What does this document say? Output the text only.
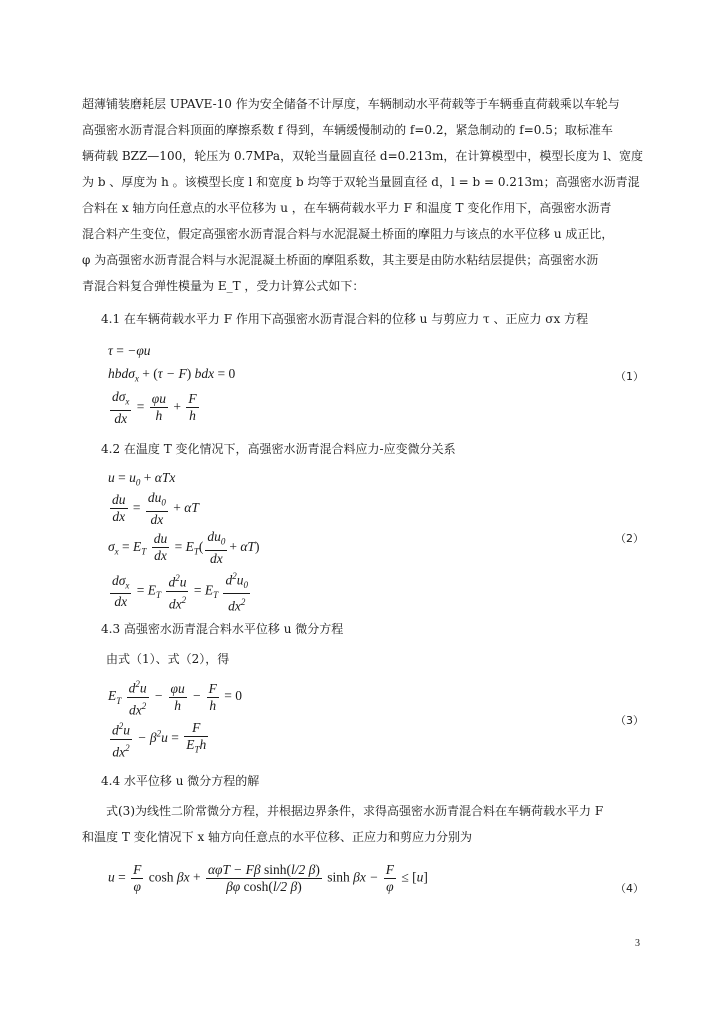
超薄铺装磨耗层 UPAVE-10 作为安全储备不计厚度，车辆制动水平荷载等于车辆垂直荷载乘以车轮与
高强密水沥青混合料顶面的摩擦系数 f 得到，车辆缓慢制动的 f=0.2，紧急制动的 f=0.5；取标准车
辆荷载 BZZ—100，轮压为 0.7MPa，双轮当量圆直径 d=0.213m，在计算模型中，模型长度为 l、宽度
为 b 、厚度为 h 。该模型长度 l 和宽度 b 均等于双轮当量圆直径 d，l = b = 0.213m；高强密水沥青混
合料在 x 轴方向任意点的水平位移为 u ，在车辆荷载水平力 F 和温度 T 变化作用下，高强密水沥青
混合料产生变位，假定高强密水沥青混合料与水泥混凝土桥面的摩阻力与该点的水平位移 u 成正比，
φ 为高强密水沥青混合料与水泥混凝土桥面的摩阻系数，其主要是由防水粘结层提供；高强密水沥
青混合料复合弹性模量为 E_T ，受力计算公式如下：
4.1 在车辆荷载水平力 F 作用下高强密水沥青混合料的位移 u 与剪应力 τ 、正应力 σx 方程
τ = −φu
hbdσ$_x$ + (τ − F) bdx = 0	（1）
$\frac{d\sigma_x}{dx} = \frac{\varphi u}{h} + \frac{F}{h}$
4.2 在温度 T 变化情况下，高强密水沥青混合料应力-应变微分关系
$u = u_0 + \alpha Tx$
$\frac{du}{dx} = \frac{du_0}{dx} + \alpha T$
（2）
$\sigma_x = E_T \frac{du}{dx} = E_T( \frac{du_0}{dx} + \alpha T)$
$\frac{d\sigma_x}{dx} = E_T \frac{d^2u}{dx^2} = E_T \frac{d^2u_0}{dx^2}$
4.3 高强密水沥青混合料水平位移 u 微分方程
由式（1）、式（2），得
$E_T \frac{d^2u}{dx^2} - \frac{\varphi u}{h} - \frac{F}{h} = 0$
（3）
$\frac{d^2u}{dx^2} - \beta^2u = \frac{F}{E_Th}$
4.4 水平位移 u 微分方程的解
式(3)为线性二阶常微分方程，并根据边界条件，求得高强密水沥青混合料在车辆荷载水平力 F
和温度 T 变化情况下 x 轴方向任意点的水平位移、正应力和剪应力分别为
$u = \frac{F}{\varphi}$ $\cosh \beta x + \frac{\text{αφT − Fβ sinh(l/2 β)}}{\text{βφ cosh(l/2 β)}}$ $\sinh \beta x - \frac{F}{\varphi} \le [u]$
（4）
3
